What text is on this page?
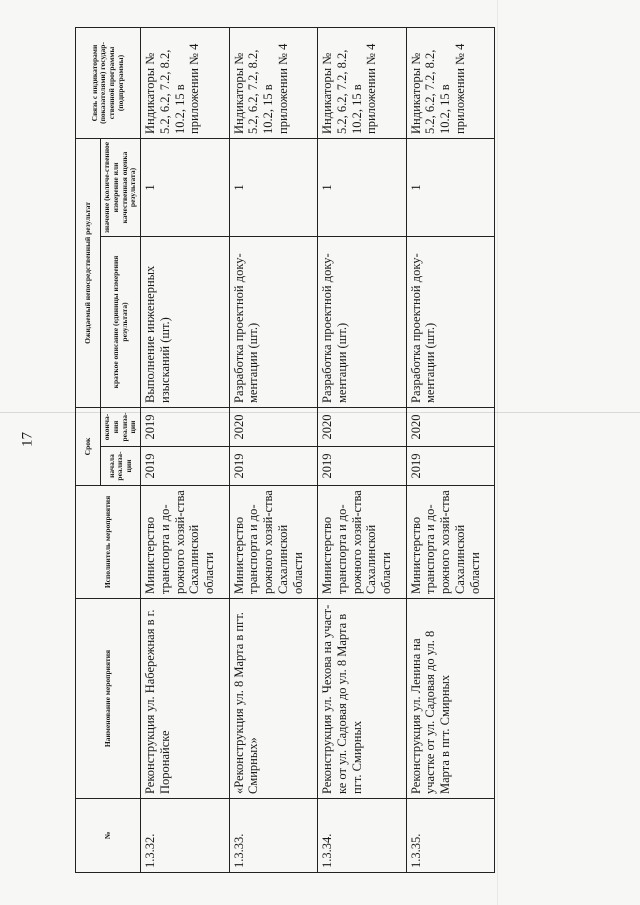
17
№	Наименование мероприятия	Исполнитель мероприятия	Срок		Ожидаемый непосредственный результат		Связь с индикаторами (показателями) государ-ственной программы (подпрограммы)
			начала реализа-ции	оконча-ния реализа-ции	краткое описание (единицы измерения результата)	значение (количе-ственное измерение или качественная оценка результата)	
1.3.32.	Реконструкция ул. Набережная в г. Поронайске	Министерство транспорта и до-рожного хозяй-ства Сахалинской области	2019	2019	Выполнение инженерных изысканий (шт.)	1	Индикаторы № 5.2, 6.2, 7.2, 8.2, 10.2, 15 в приложении № 4
1.3.33.	«Реконструкция ул. 8 Марта в пгт. Смирных»	Министерство транспорта и до-рожного хозяй-ства Сахалинской области	2019	2020	Разработка проектной доку-ментации (шт.)	1	Индикаторы № 5.2, 6.2, 7.2, 8.2, 10.2, 15 в приложении № 4
1.3.34.	Реконструкция ул. Чехова на участ-ке от ул. Садовая до ул. 8 Марта в пгт. Смирных	Министерство транспорта и до-рожного хозяй-ства Сахалинской области	2019	2020	Разработка проектной доку-ментации (шт.)	1	Индикаторы № 5.2, 6.2, 7.2, 8.2, 10.2, 15 в приложении № 4
1.3.35.	Реконструкция ул. Ленина на участке от ул. Садовая до ул. 8 Марта в пгт. Смирных	Министерство транспорта и до-рожного хозяй-ства Сахалинской области	2019	2020	Разработка проектной доку-ментации (шт.)	1	Индикаторы № 5.2, 6.2, 7.2, 8.2, 10.2, 15 в приложении № 4
